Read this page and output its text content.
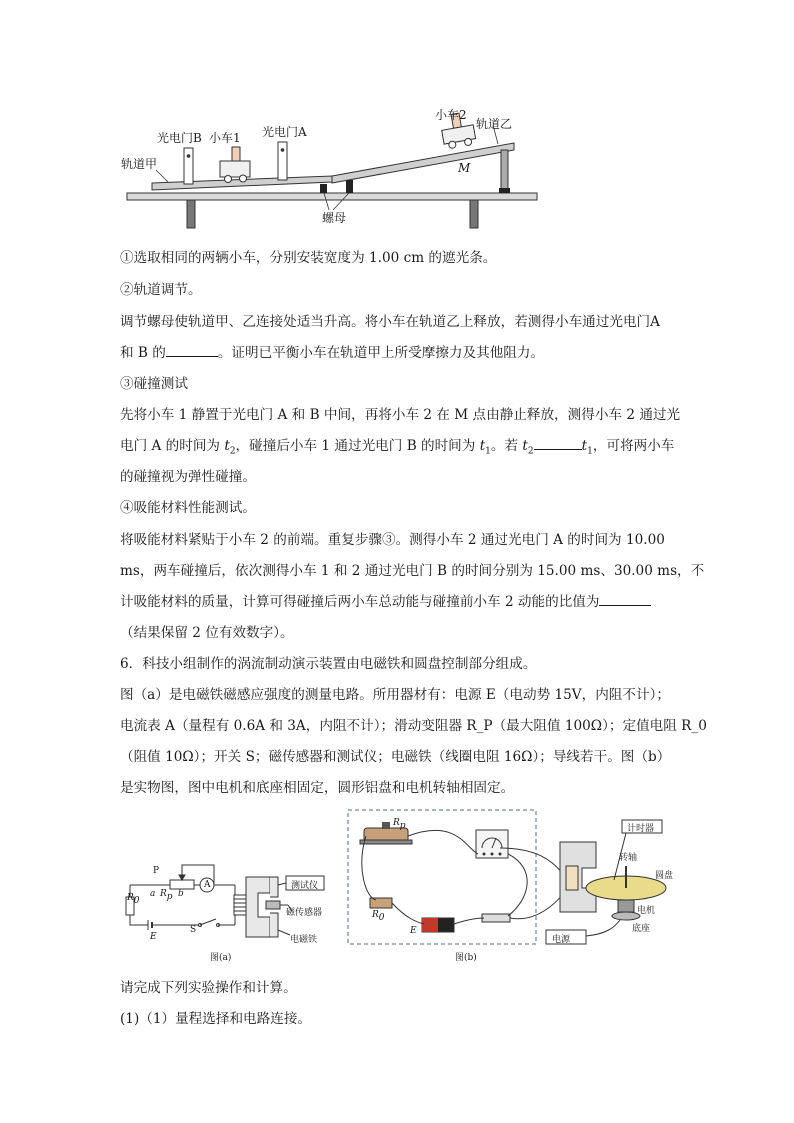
光电门B 小车1 光电门A
轨道甲
小车2
轨道乙
M
螺母
①选取相同的两辆小车，分别安装宽度为 1.00 cm 的遮光条。
②轨道调节。
调节螺母使轨道甲、乙连接处适当升高。将小车在轨道乙上释放，若测得小车通过光电门A
和 B 的	。证明已平衡小车在轨道甲上所受摩擦力及其他阻力。
③碰撞测试
先将小车 1 静置于光电门 A 和 B 中间，再将小车 2 在 M 点由静止释放，测得小车 2 通过光
电门 A 的时间为 $t_2$，碰撞后小车 1 通过光电门 B 的时间为 $t_1$。若 $t_2$	$t_1$，可将两小车
的碰撞视为弹性碰撞。
④吸能材料性能测试。
将吸能材料紧贴于小车 2 的前端。重复步骤③。测得小车 2 通过光电门 A 的时间为 10.00
ms，两车碰撞后，依次测得小车 1 和 2 通过光电门 B 的时间分别为 15.00 ms、30.00 ms，不
计吸能材料的质量，计算可得碰撞后两小车总动能与碰撞前小车 2 动能的比值为
（结果保留 2 位有效数字）。
6．科技小组制作的涡流制动演示装置由电磁铁和圆盘控制部分组成。
图（a）是电磁铁磁感应强度的测量电路。所用器材有：电源 E（电动势 15V，内阻不计）；
电流表 A（量程有 0.6A 和 3A，内阻不计）；滑动变阻器 R_P（最大阻值 100Ω）；定值电阻 R_0
（阻值 10Ω）；开关 S；磁传感器和测试仪；电磁铁（线圈电阻 16Ω）；导线若干。图（b）
是实物图，图中电机和底座相固定，圆形铝盘和电机转轴相固定。
$R_0$
P
a $R_p$ b
A
E
S
测试仪
磁传感器
电磁铁
图(a)
$R_p$
$R_0$
E
计时器
转轴
圆盘
电机
底座
电源
图(b)
请完成下列实验操作和计算。
(1)（1）量程选择和电路连接。
